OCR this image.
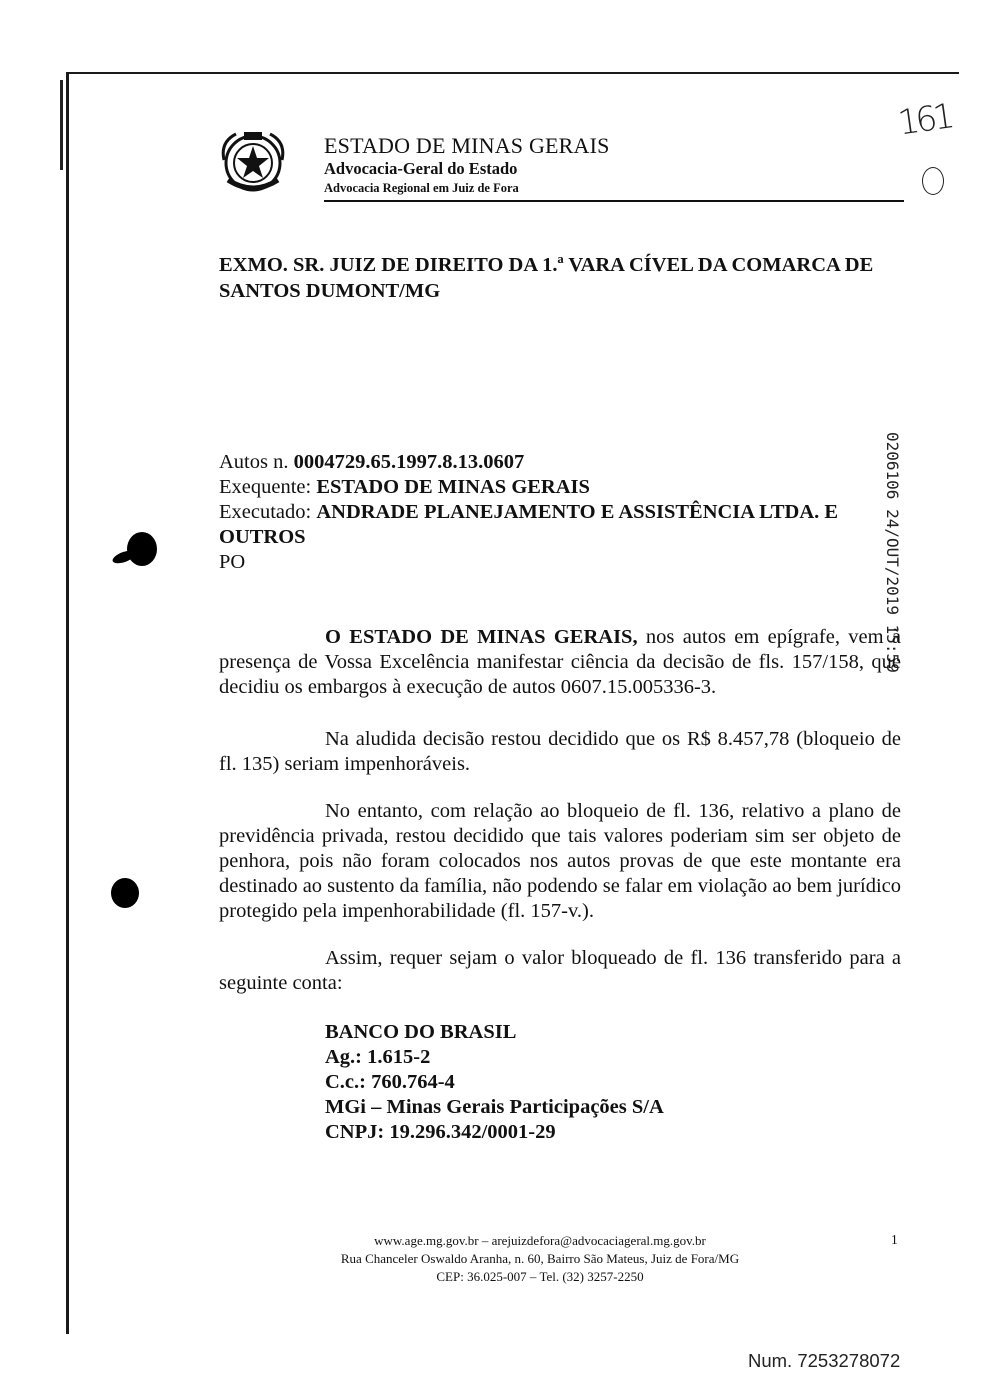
ESTADO DE MINAS GERAIS
Advocacia-Geral do Estado
Advocacia Regional em Juiz de Fora
161
EXMO. SR. JUIZ DE DIREITO DA 1.ª VARA CÍVEL DA COMARCA DE SANTOS DUMONT/MG
Autos n. 0004729.65.1997.8.13.0607
Exequente: ESTADO DE MINAS GERAIS
Executado: ANDRADE PLANEJAMENTO E ASSISTÊNCIA LTDA. E OUTROS
PO	0206106 24/OUT/2019 15:59

O ESTADO DE MINAS GERAIS, nos autos em epígrafe, vem à presença de Vossa Excelência manifestar ciência da decisão de fls. 157/158, que decidiu os embargos à execução de autos 0607.15.005336-3.

Na aludida decisão restou decidido que os R$ 8.457,78 (bloqueio de fl. 135) seriam impenhoráveis.

No entanto, com relação ao bloqueio de fl. 136, relativo a plano de previdência privada, restou decidido que tais valores poderiam sim ser objeto de penhora, pois não foram colocados nos autos provas de que este montante era destinado ao sustento da família, não podendo se falar em violação ao bem jurídico protegido pela impenhorabilidade (fl. 157-v.).

Assim, requer sejam o valor bloqueado de fl. 136 transferido para a seguinte conta:

BANCO DO BRASIL
Ag.: 1.615-2
C.c.: 760.764-4
MGi – Minas Gerais Participações S/A
CNPJ: 19.296.342/0001-29
www.age.mg.gov.br – arejuizdefora@advocaciageral.mg.gov.br
Rua Chanceler Oswaldo Aranha, n. 60, Bairro São Mateus, Juiz de Fora/MG
CEP: 36.025-007 – Tel. (32) 3257-2250
1
Num. 7253278072
